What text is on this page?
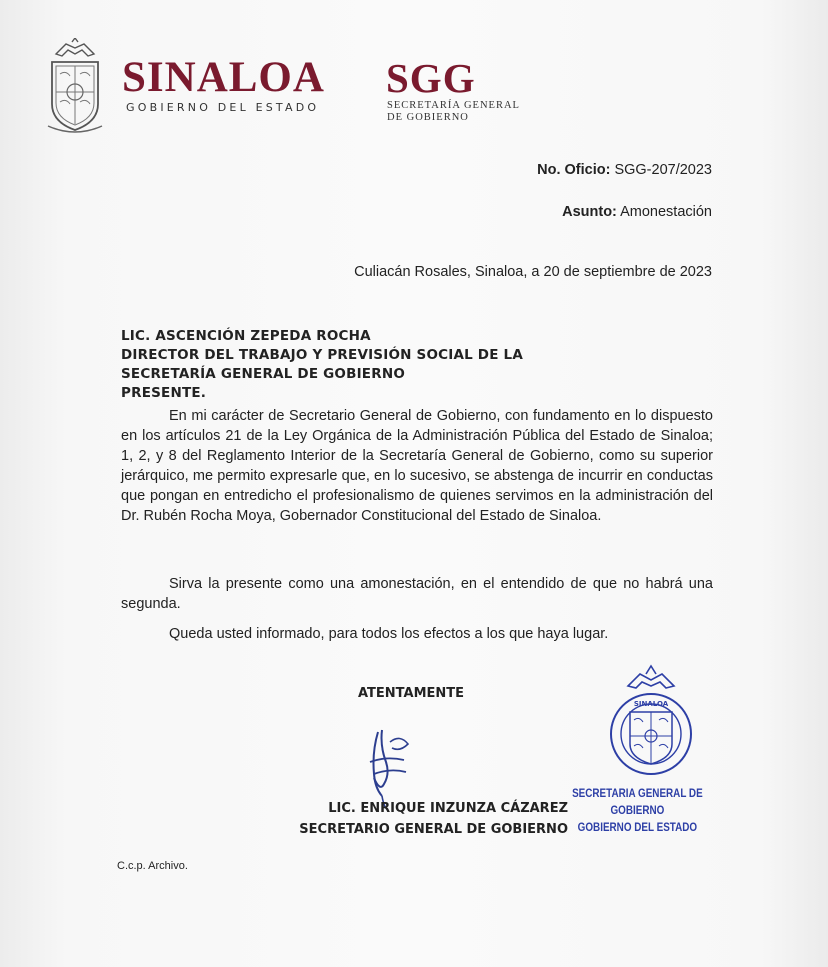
SINALOA
GOBIERNO DEL ESTADO
SGG
SECRETARÍA GENERAL
DE GOBIERNO
No. Oficio: SGG-207/2023
Asunto: Amonestación
Culiacán Rosales, Sinaloa, a 20 de septiembre de 2023
LIC. ASCENCIÓN ZEPEDA ROCHA
DIRECTOR DEL TRABAJO Y PREVISIÓN SOCIAL DE LA
SECRETARÍA GENERAL DE GOBIERNO
PRESENTE.

En mi carácter de Secretario General de Gobierno, con fundamento en lo dispuesto en los artículos 21 de la Ley Orgánica de la Administración Pública del Estado de Sinaloa; 1, 2, y 8 del Reglamento Interior de la Secretaría General de Gobierno, como su superior jerárquico, me permito expresarle que, en lo sucesivo, se abstenga de incurrir en conductas que pongan en entredicho el profesionalismo de quienes servimos en la administración del Dr. Rubén Rocha Moya, Gobernador Constitucional del Estado de Sinaloa.

Sirva la presente como una amonestación, en el entendido de que no habrá una segunda.

Queda usted informado, para todos los efectos a los que haya lugar.

ATENTAMENTE
LIC. ENRIQUE INZUNZA CÁZAREZ
SECRETARIO GENERAL DE GOBIERNO
SINALOA
SECRETARIA GENERAL DE GOBIERNO
GOBIERNO DEL ESTADO
C.c.p. Archivo.
